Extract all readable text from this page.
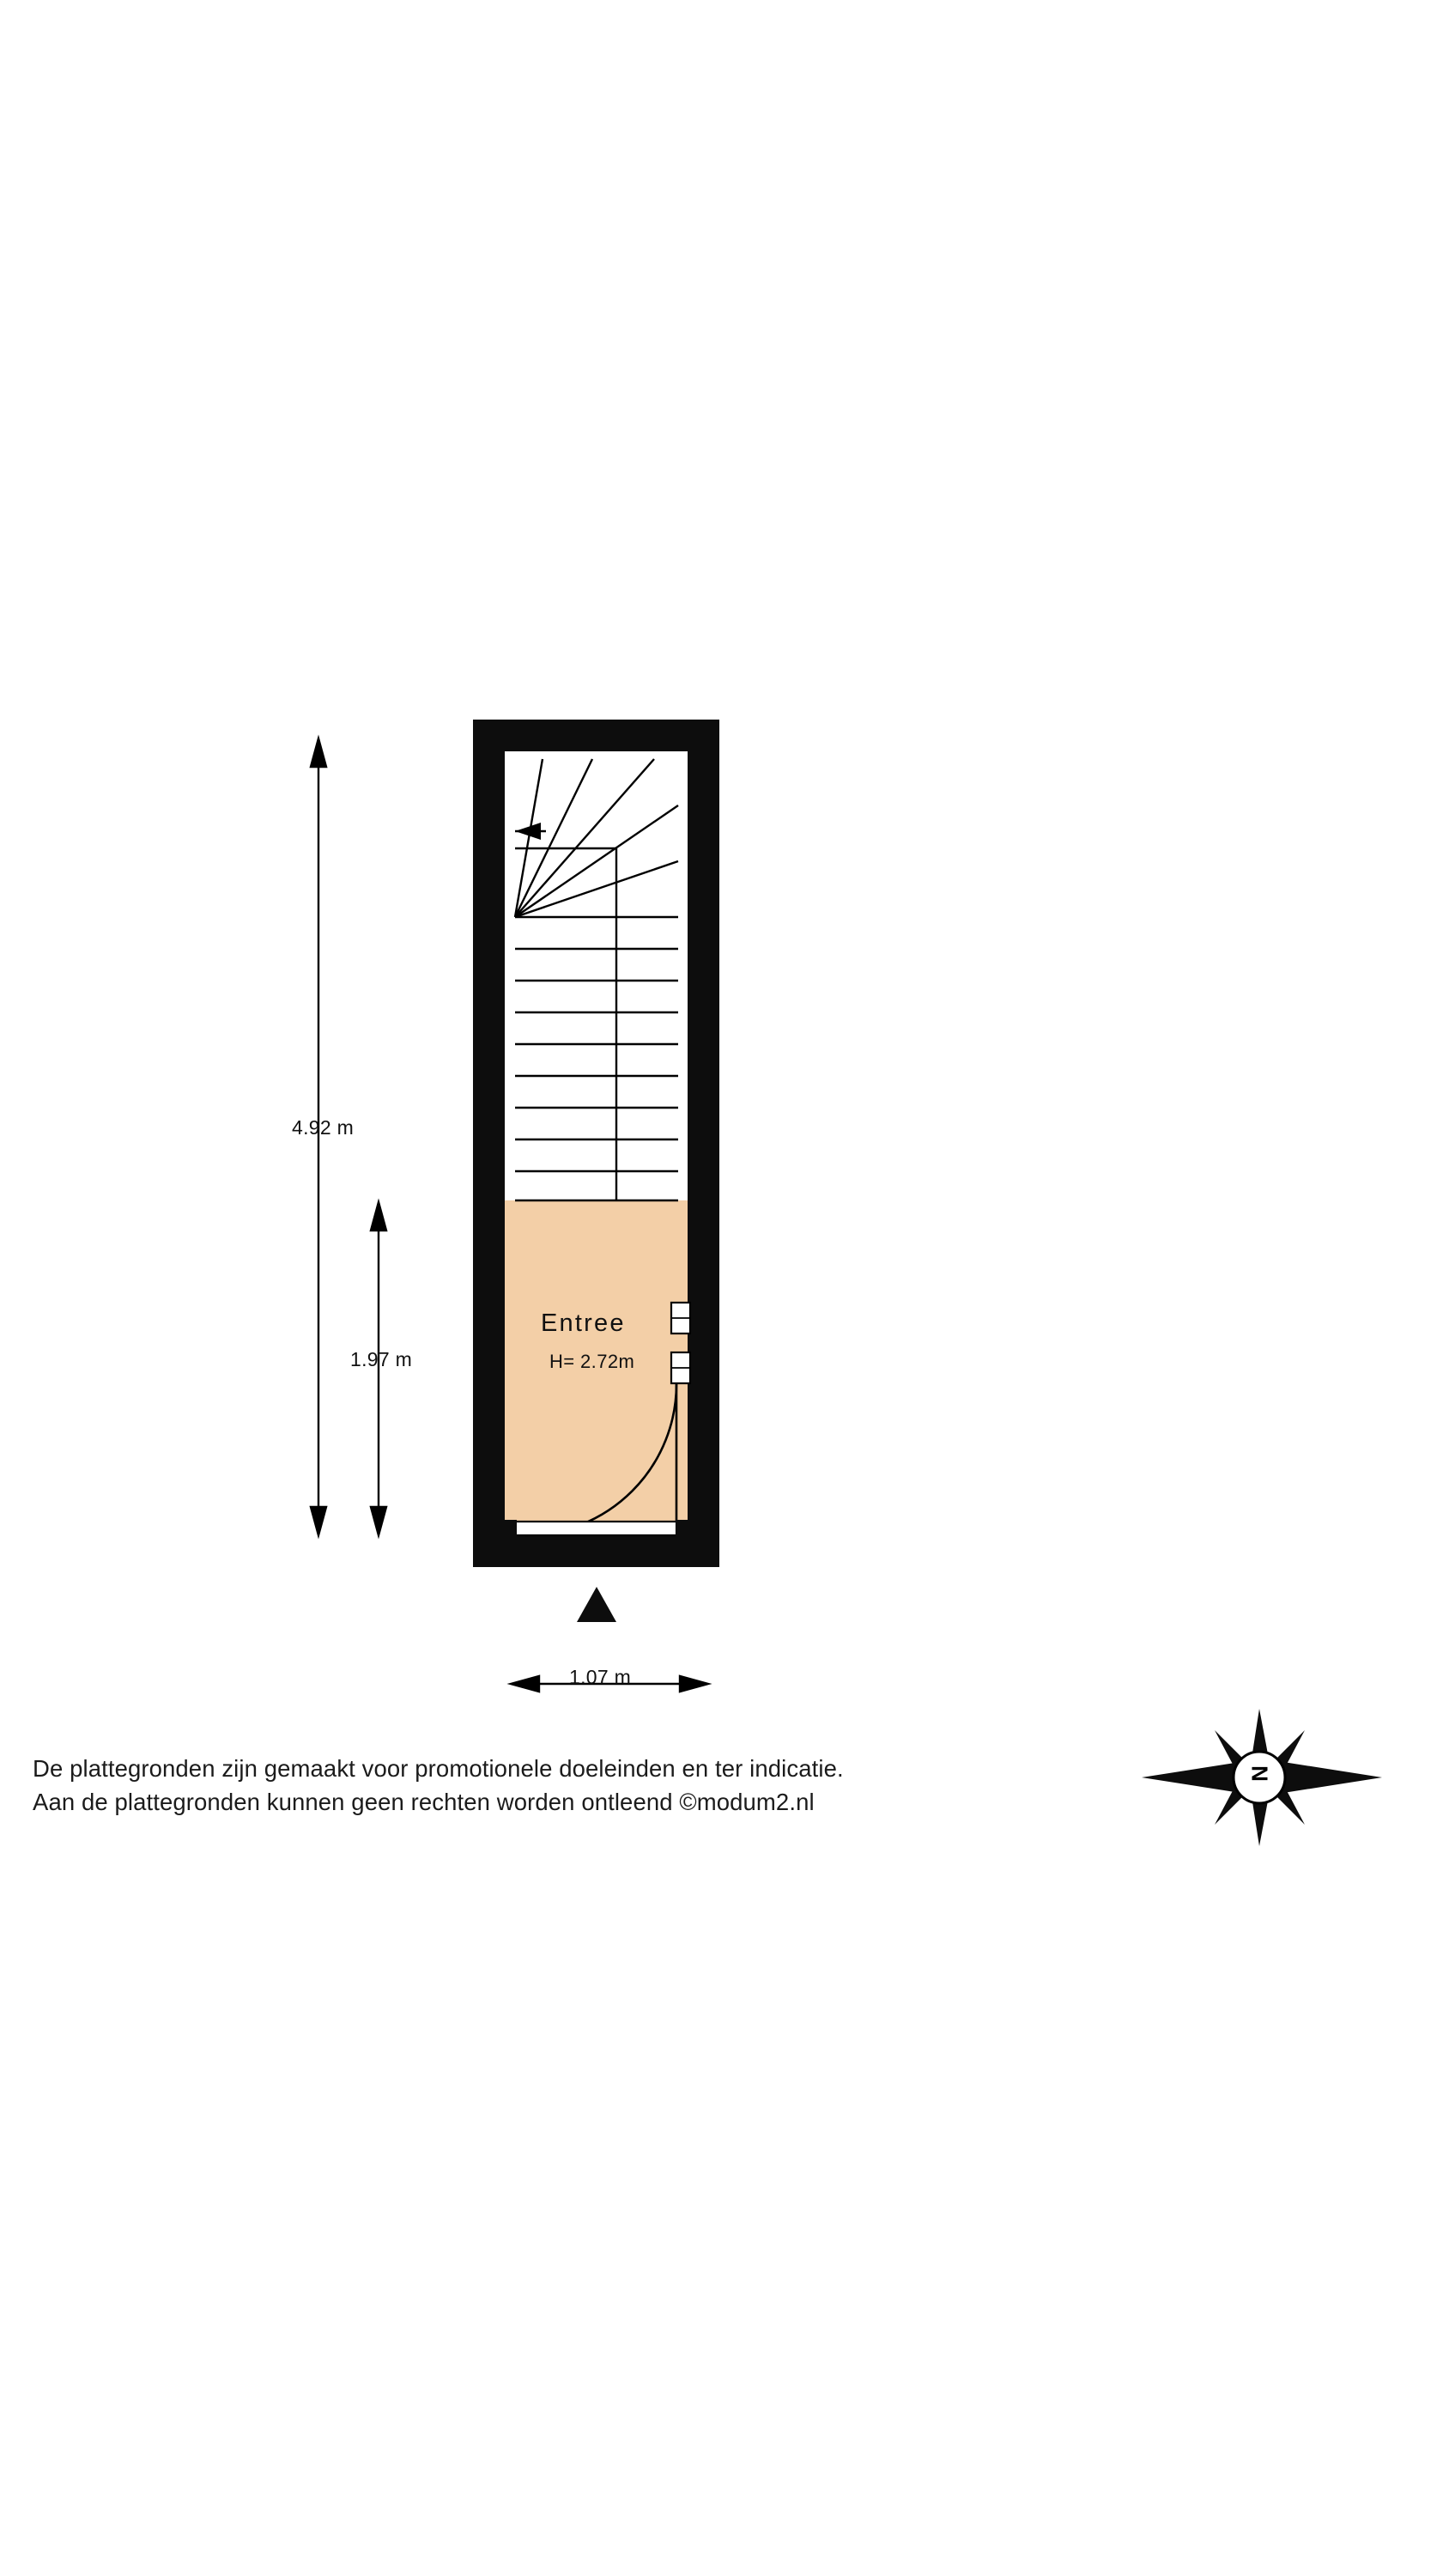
N
Entree
H= 2.72m
4.92 m
1.97 m
1.07 m
De plattegronden zijn gemaakt voor promotionele doeleinden en ter indicatie.
Aan de plattegronden kunnen geen rechten worden ontleend ©modum2.nl
